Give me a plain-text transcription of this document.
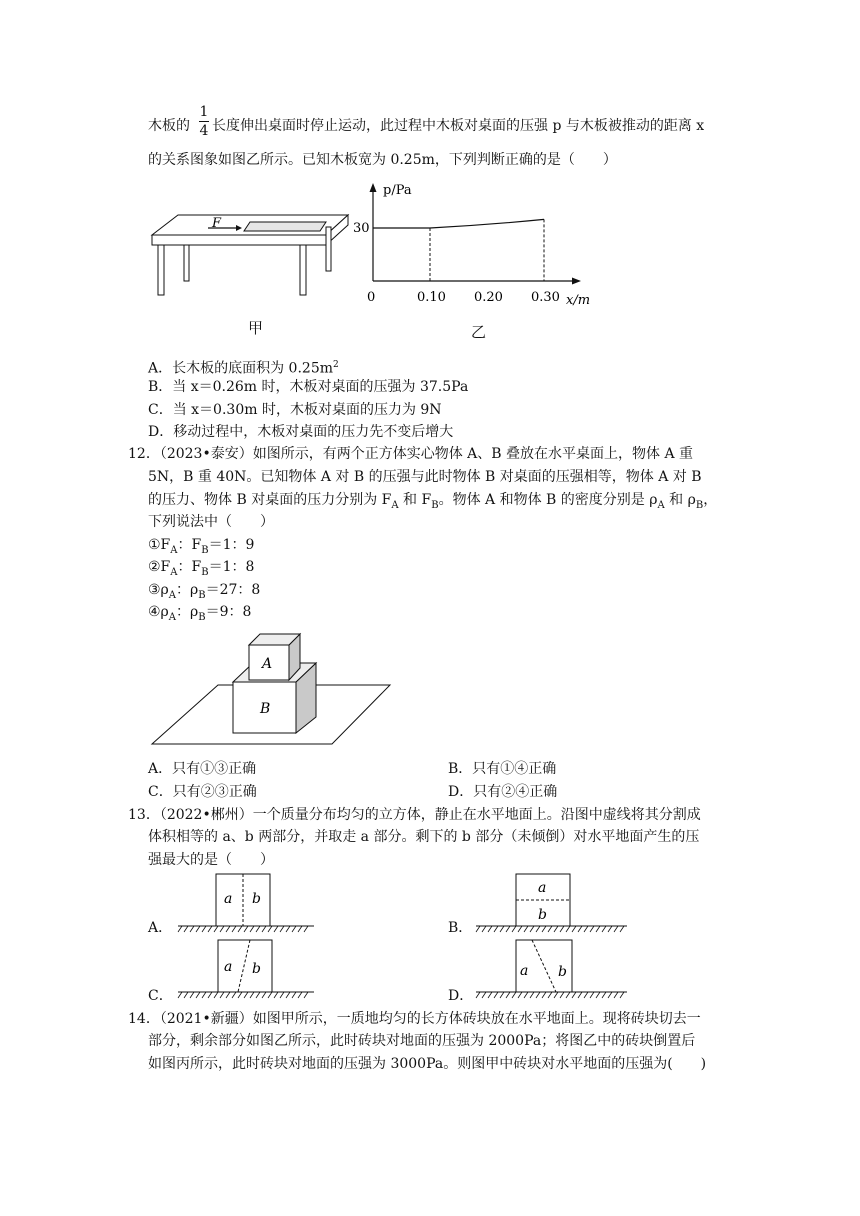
木板的
1
4 长度伸出桌面时停止运动，此过程中木板对桌面的压强 p 与木板被推动的距离 x
的关系图象如图乙所示。已知木板宽为 0.25m，下列判断正确的是（　　）
F
甲
p/Pa
x/m
30
0	0.10 0.20 0.30
乙
A．长木板的底面积为 $0.25m^2$
B．当 x＝0.26m 时，木板对桌面的压强为 37.5Pa
C．当 x＝0.30m 时，木板对桌面的压力为 9N
D．移动过程中，木板对桌面的压力先不变后增大
12．（2023•泰安）如图所示，有两个正方体实心物体 A、B 叠放在水平桌面上，物体 A 重
5N，B 重 40N。已知物体 A 对 B 的压强与此时物体 B 对桌面的压强相等，物体 A 对 B
的压力、物体 B 对桌面的压力分别为 $F_A$ 和 $F_B$。物体 A 和物体 B 的密度分别是 $\rho_A$ 和 $\rho_B$，
下列说法中（　　）
$①F_A$：$F_B=1$：9
$②F_A$：$F_B=1$：8
$③\rho_A$：$\rho_B=27$：8
$④\rho_A$：$\rho_B=9$：8
A
B
A．只有①③正确	B．只有①④正确
C．只有②③正确	D．只有②④正确
13．（2022•郴州）一个质量分布均匀的立方体，静止在水平地面上。沿图中虚线将其分割成
体积相等的 a、b 两部分，并取走 a 部分。剩下的 b 部分（未倾倒）对水平地面产生的压
强最大的是（　　）
A．
a b
B．
a
b
C．
a b
D．
a b
14．（2021•新疆）如图甲所示，一质地均匀的长方体砖块放在水平地面上。现将砖块切去一
部分，剩余部分如图乙所示，此时砖块对地面的压强为 2000Pa；将图乙中的砖块倒置后
如图丙所示，此时砖块对地面的压强为 3000Pa。则图甲中砖块对水平地面的压强为(　　)
